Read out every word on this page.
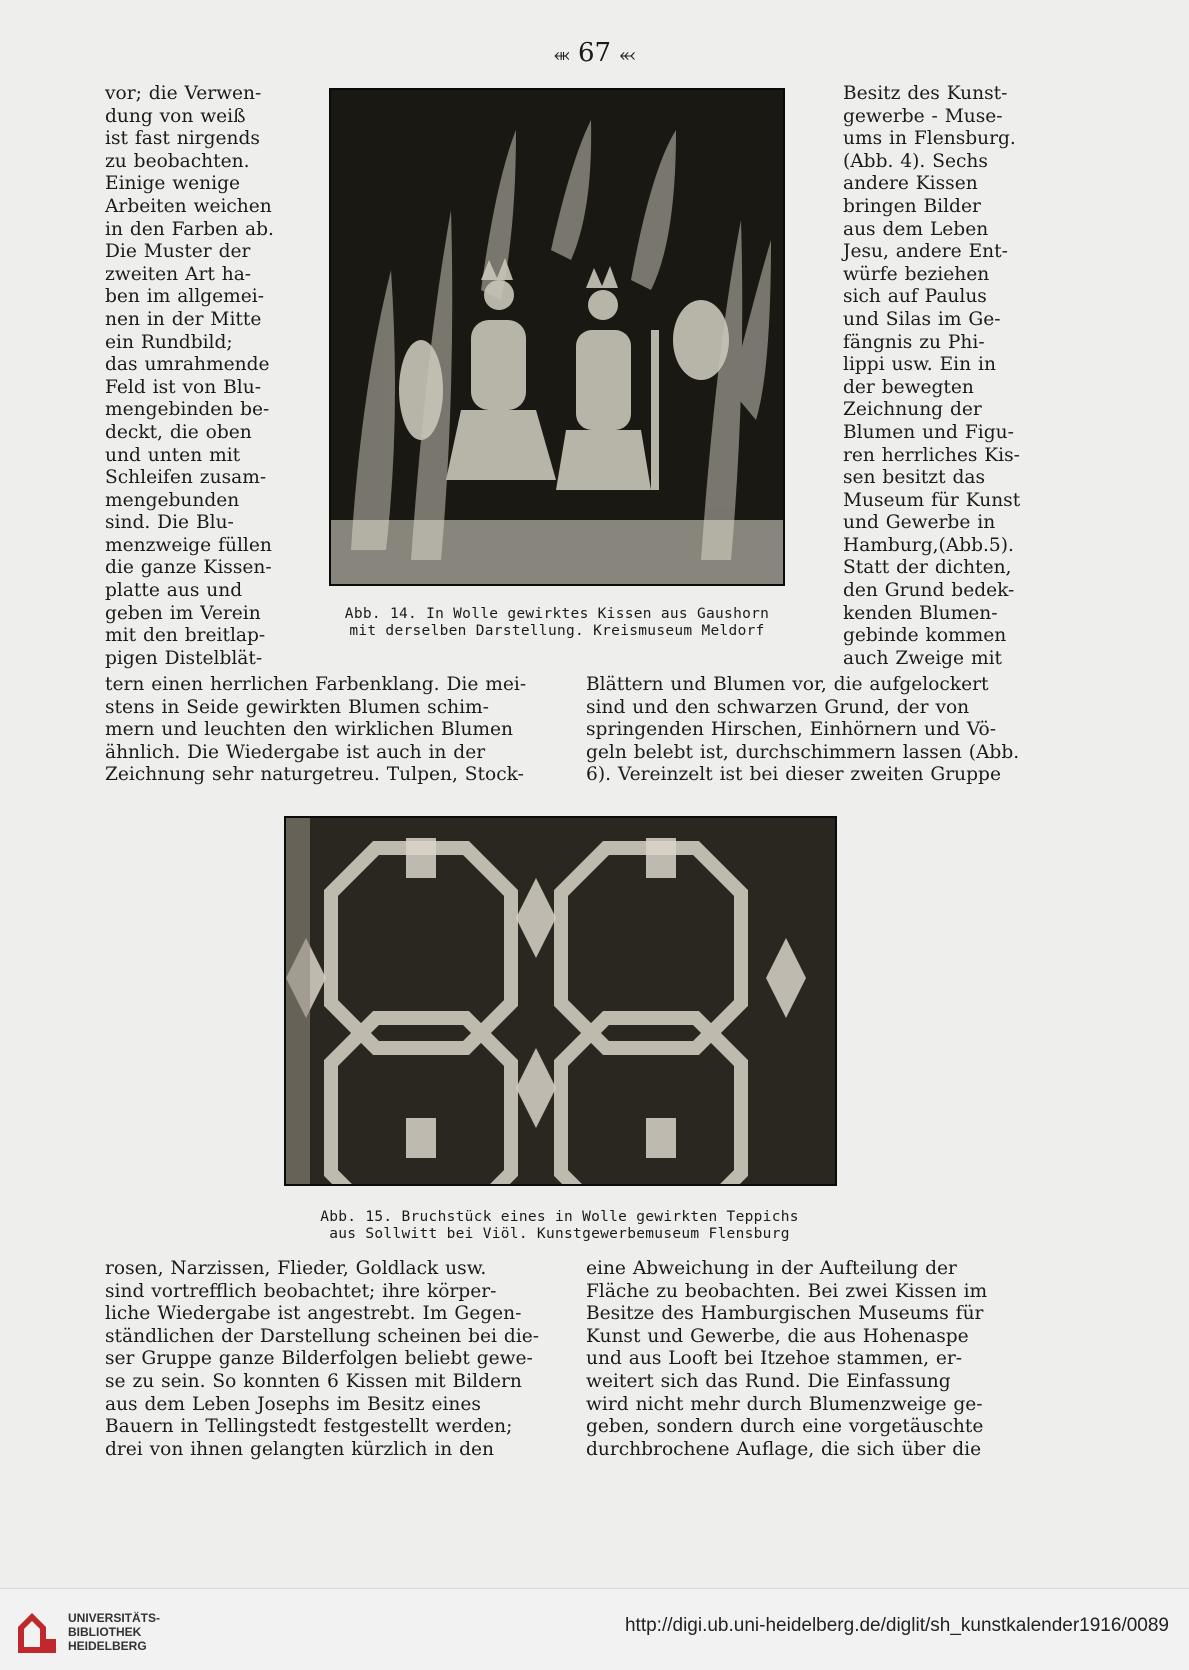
⬺ 67 ⬻
vor; die Verwen-
dung von weiß
ist fast nirgends
zu beobachten.
Einige wenige
Arbeiten weichen
in den Farben ab.
Die Muster der
zweiten Art ha-
ben im allgemei-
nen in der Mitte
ein Rundbild;
das umrahmende
Feld ist von Blu-
mengebinden be-
deckt, die oben
und unten mit
Schleifen zusam-
mengebunden
sind. Die Blu-
menzweige füllen
die ganze Kissen-
platte aus und
geben im Verein
mit den breitlap-
pigen Distelblät-
Besitz des Kunst-
gewerbe - Muse-
ums in Flensburg.
(Abb. 4). Sechs
andere Kissen
bringen Bilder
aus dem Leben
Jesu, andere Ent-
würfe beziehen
sich auf Paulus
und Silas im Ge-
fängnis zu Phi-
lippi usw. Ein in
der bewegten
Zeichnung der
Blumen und Figu-
ren herrliches Kis-
sen besitzt das
Museum für Kunst
und Gewerbe in
Hamburg,(Abb.5).
Statt der dichten,
den Grund bedek-
kenden Blumen-
gebinde kommen
auch Zweige mit
Abb. 14. In Wolle gewirktes Kissen aus Gaushorn
mit derselben Darstellung. Kreismuseum Meldorf
tern einen herrlichen Farbenklang. Die mei-
stens in Seide gewirkten Blumen schim-
mern und leuchten den wirklichen Blumen
ähnlich. Die Wiedergabe ist auch in der
Zeichnung sehr naturgetreu. Tulpen, Stock-
Blättern und Blumen vor, die aufgelockert
sind und den schwarzen Grund, der von
springenden Hirschen, Einhörnern und Vö-
geln belebt ist, durchschimmern lassen (Abb.
6). Vereinzelt ist bei dieser zweiten Gruppe
Abb. 15. Bruchstück eines in Wolle gewirkten Teppichs
aus Sollwitt bei Viöl. Kunstgewerbemuseum Flensburg
rosen, Narzissen, Flieder, Goldlack usw.
sind vortrefflich beobachtet; ihre körper-
liche Wiedergabe ist angestrebt. Im Gegen-
ständlichen der Darstellung scheinen bei die-
ser Gruppe ganze Bilderfolgen beliebt gewe-
se zu sein. So konnten 6 Kissen mit Bildern
aus dem Leben Josephs im Besitz eines
Bauern in Tellingstedt festgestellt werden;
drei von ihnen gelangten kürzlich in den
eine Abweichung in der Aufteilung der
Fläche zu beobachten. Bei zwei Kissen im
Besitze des Hamburgischen Museums für
Kunst und Gewerbe, die aus Hohenaspe
und aus Looft bei Itzehoe stammen, er-
weitert sich das Rund. Die Einfassung
wird nicht mehr durch Blumenzweige ge-
geben, sondern durch eine vorgetäuschte
durchbrochene Auflage, die sich über die
UNIVERSITÄTS-
BIBLIOTHEK
HEIDELBERG
http://digi.ub.uni-heidelberg.de/diglit/sh_kunstkalender1916/0089
